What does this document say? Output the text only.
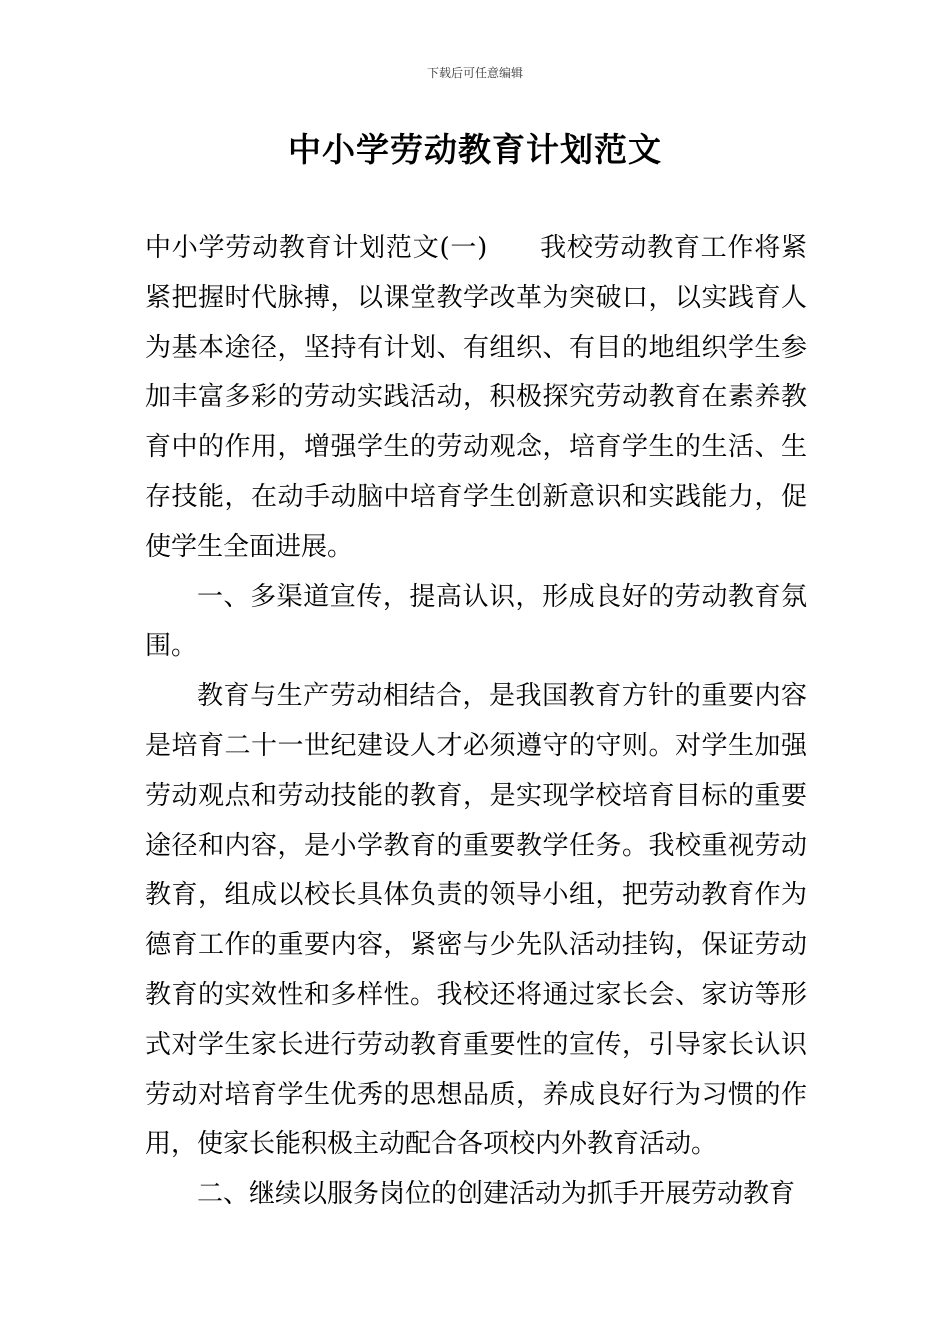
下载后可任意编辑
中小学劳动教育计划范文

中小学劳动教育计划范文(一) 我校劳动教育工作将紧紧把握时代脉搏，以课堂教学改革为突破口，以实践育人为基本途径，坚持有计划、有组织、有目的地组织学生参加丰富多彩的劳动实践活动，积极探究劳动教育在素养教育中的作用，增强学生的劳动观念，培育学生的生活、生存技能，在动手动脑中培育学生创新意识和实践能力，促使学生全面进展。

一、多渠道宣传，提高认识，形成良好的劳动教育氛围。

教育与生产劳动相结合，是我国教育方针的重要内容是培育二十一世纪建设人才必须遵守的守则。对学生加强劳动观点和劳动技能的教育，是实现学校培育目标的重要途径和内容，是小学教育的重要教学任务。我校重视劳动教育，组成以校长具体负责的领导小组，把劳动教育作为德育工作的重要内容，紧密与少先队活动挂钩，保证劳动教育的实效性和多样性。我校还将通过家长会、家访等形式对学生家长进行劳动教育重要性的宣传，引导家长认识劳动对培育学生优秀的思想品质，养成良好行为习惯的作用，使家长能积极主动配合各项校内外教育活动。

二、继续以服务岗位的创建活动为抓手开展劳动教育
